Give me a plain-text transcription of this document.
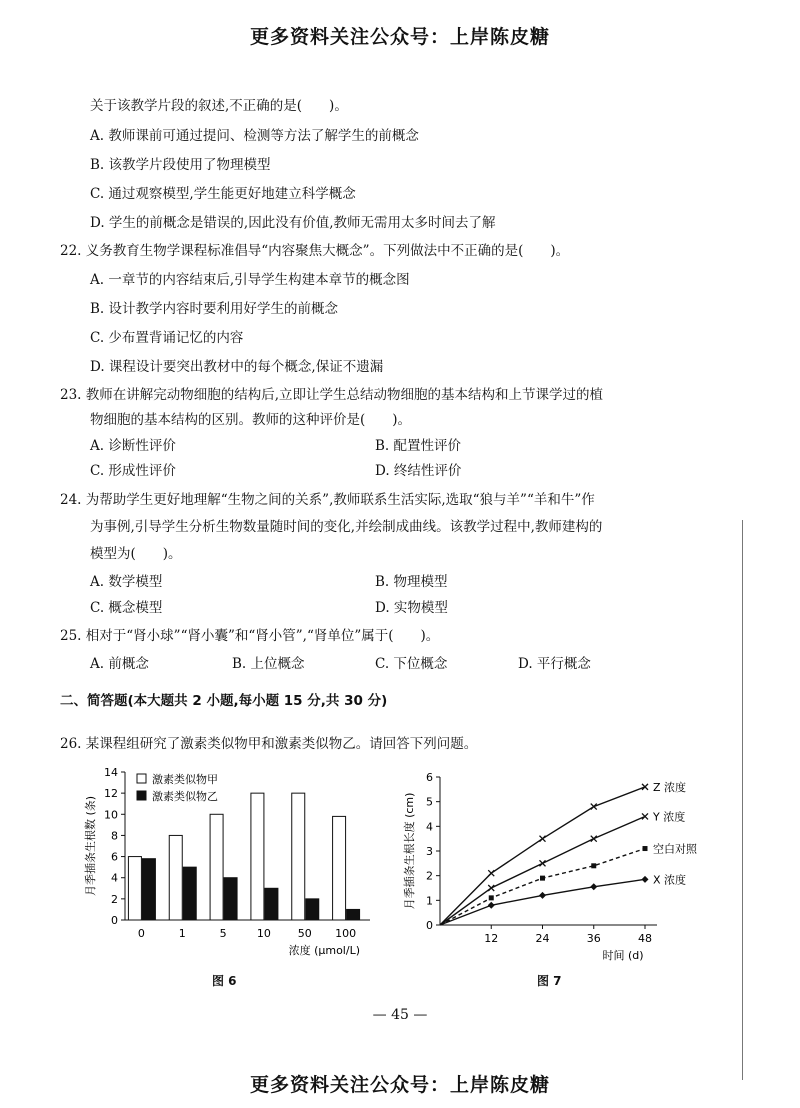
更多资料关注公众号：上岸陈皮糖
关于该教学片段的叙述,不正确的是(　　)。
A. 教师课前可通过提问、检测等方法了解学生的前概念
B. 该教学片段使用了物理模型
C. 通过观察模型,学生能更好地建立科学概念
D. 学生的前概念是错误的,因此没有价值,教师无需用太多时间去了解
22. 义务教育生物学课程标准倡导“内容聚焦大概念”。下列做法中不正确的是(　　)。
A. 一章节的内容结束后,引导学生构建本章节的概念图
B. 设计教学内容时要利用好学生的前概念
C. 少布置背诵记忆的内容
D. 课程设计要突出教材中的每个概念,保证不遗漏
23. 教师在讲解完动物细胞的结构后,立即让学生总结动物细胞的基本结构和上节课学过的植
物细胞的基本结构的区别。教师的这种评价是(　　)。
A. 诊断性评价	B. 配置性评价
C. 形成性评价	D. 终结性评价
24. 为帮助学生更好地理解“生物之间的关系”,教师联系生活实际,选取“狼与羊”“羊和牛”作
为事例,引导学生分析生物数量随时间的变化,并绘制成曲线。该教学过程中,教师建构的
模型为(　　)。
A. 数学模型	B. 物理模型
C. 概念模型	D. 实物模型
25. 相对于“肾小球”“肾小囊”和“肾小管”,“肾单位”属于(　　)。
A. 前概念	B. 上位概念	C. 下位概念	D. 平行概念
二、简答题(本大题共 2 小题,每小题 15 分,共 30 分)
26. 某课程组研究了激素类似物甲和激素类似物乙。请回答下列问题。
0
2
4
6
8
10
12
14
0	1	5	10 50 100
浓度 (μmol/L)
月季插条生根数 (条)
激素类似物甲
激素类似物乙
图 6
0
1
2
3
4
5
6
12	24	36	48
时间 (d)
月季插条生根长度 (cm)
Z 浓度
Y 浓度
空白对照
X 浓度
图 7
— 45 —
更多资料关注公众号：上岸陈皮糖
